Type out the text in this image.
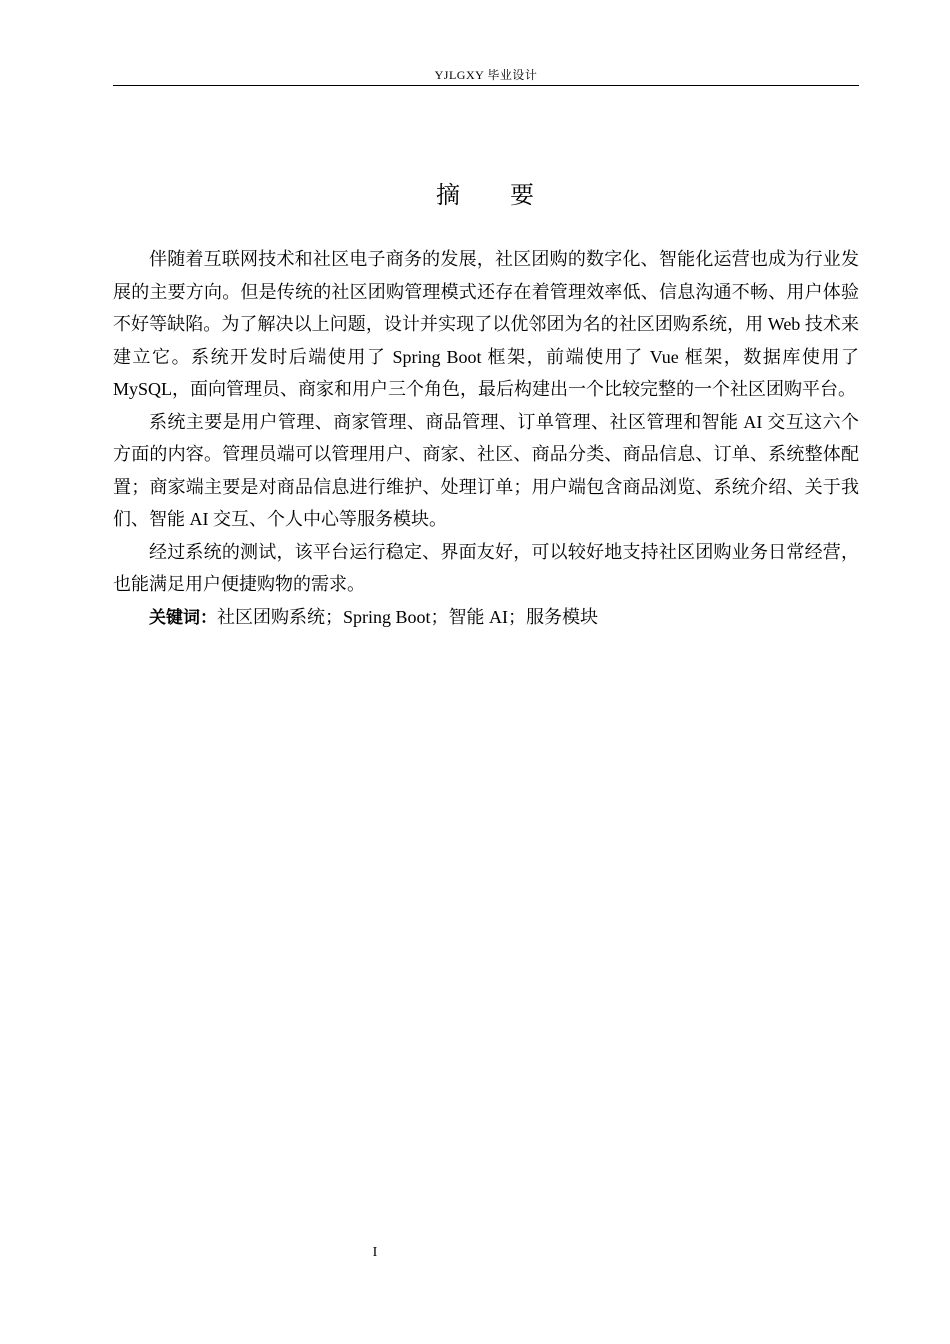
YJLGXY 毕业设计
摘 要

伴随着互联网技术和社区电子商务的发展，社区团购的数字化、智能化运营也成为行业发展的主要方向。但是传统的社区团购管理模式还存在着管理效率低、信息沟通不畅、用户体验不好等缺陷。为了解决以上问题，设计并实现了以优邻团为名的社区团购系统，用 Web 技术来建立它。系统开发时后端使用了 Spring Boot 框架，前端使用了 Vue 框架，数据库使用了 MySQL，面向管理员、商家和用户三个角色，最后构建出一个比较完整的一个社区团购平台。

系统主要是用户管理、商家管理、商品管理、订单管理、社区管理和智能 AI 交互这六个方面的内容。管理员端可以管理用户、商家、社区、商品分类、商品信息、订单、系统整体配置；商家端主要是对商品信息进行维护、处理订单；用户端包含商品浏览、系统介绍、关于我们、智能 AI 交互、个人中心等服务模块。

经过系统的测试，该平台运行稳定、界面友好，可以较好地支持社区团购业务日常经营，也能满足用户便捷购物的需求。

关键词：社区团购系统；Spring Boot；智能 AI；服务模块

I
